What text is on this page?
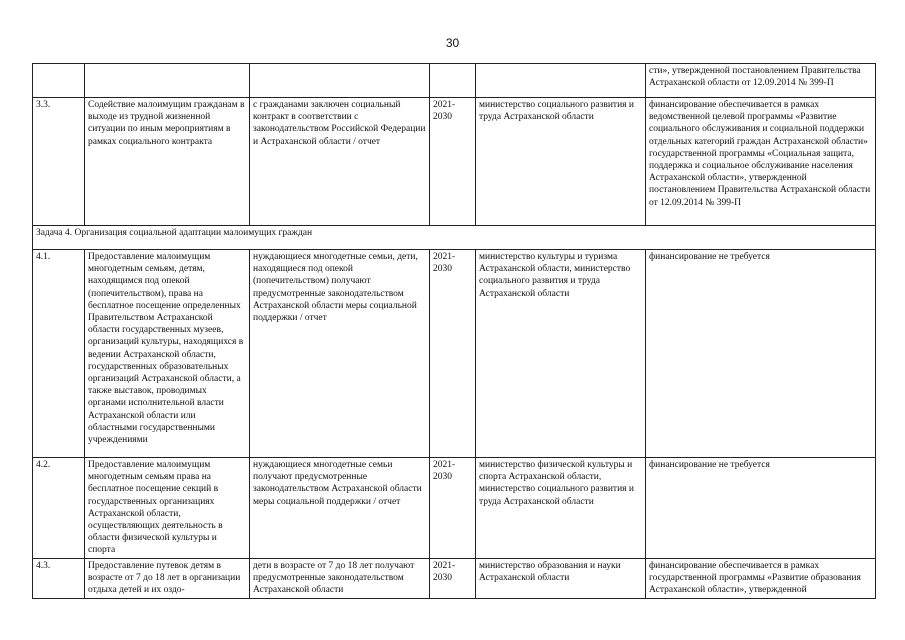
30
					сти», утвержденной постановлением Правительства Астраханской области от 12.09.2014 № 399-П
3.3.	Содействие малоимущим гражданам в выходе из трудной жизненной ситуации по иным мероприятиям в рамках социального контракта	с гражданами заключен социальный контракт в соответствии с законодательством Российской Федерации и Астраханской области / отчет	2021-2030	министерство социального развития и труда Астраханской области	финансирование обеспечивается в рамках ведомственной целевой программы «Развитие социального обслуживания и социальной поддержки отдельных категорий граждан Астраханской области» государственной программы «Социальная защита, поддержка и социальное обслуживание населения Астраханской области», утвержденной постановлением Правительства Астраханской области от 12.09.2014 № 399-П
Задача 4. Организация социальной адаптации малоимущих граждан					
4.1.	Предоставление малоимущим многодетным семьям, детям, находящимся под опекой (попечительством), права на бесплатное посещение определенных Правительством Астраханской области государственных музеев, организаций культуры, находящихся в ведении Астраханской области, государственных образовательных организаций Астраханской области, а также выставок, проводимых органами исполнительной власти Астраханской области или областными государственными учреждениями	нуждающиеся многодетные семьи, дети, находящиеся под опекой (попечительством) получают предусмотренные законодательством Астраханской области меры социальной поддержки / отчет	2021-2030	министерство культуры и туризма Астраханской области, министерство социального развития и труда Астраханской области	финансирование не требуется
4.2.	Предоставление малоимущим многодетным семьям права на бесплатное посещение секций в государственных организациях Астраханской области, осуществляющих деятельность в области физической культуры и спорта	нуждающиеся многодетные семьи получают предусмотренные законодательством Астраханской области меры социальной поддержки / отчет	2021-2030	министерство физической культуры и спорта Астраханской области, министерство социального развития и труда Астраханской области	финансирование не требуется
4.3.	Предоставление путевок детям в возрасте от 7 до 18 лет в организации отдыха детей и их оздо-	дети в возрасте от 7 до 18 лет получают предусмотренные законодательством Астраханской области	2021-2030	министерство образования и науки Астраханской области	финансирование обеспечивается в рамках государственной программы «Развитие образования Астраханской области», утвержденной
